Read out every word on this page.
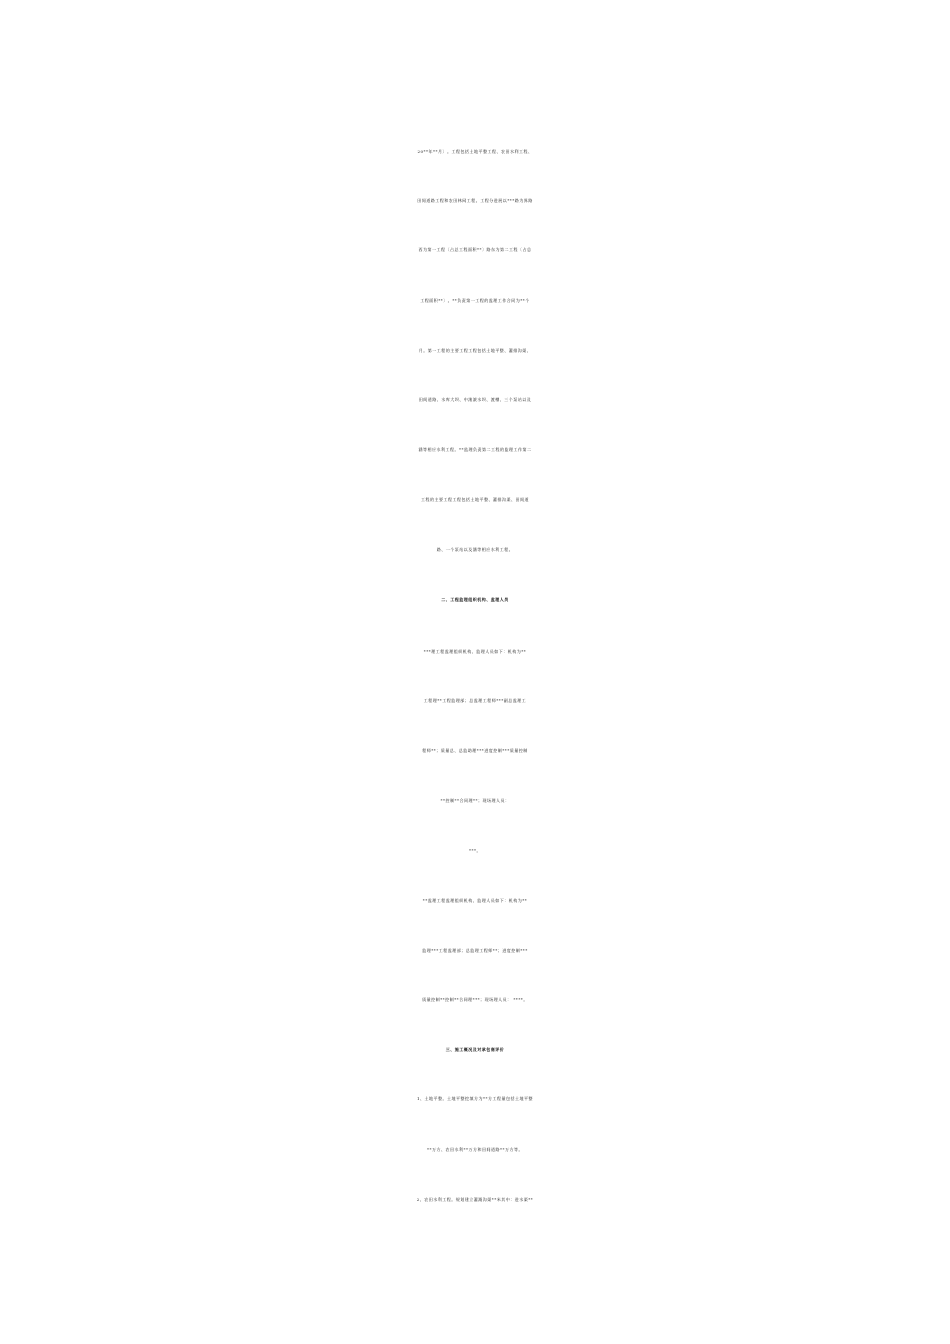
20**年**月〕。工程包括土地平整工程、农田水利工程、
田间道路工程和农田林网工程。工程分进展以***路为界路
西为第一工程〔占总工程面积**〕路东为第二工程〔占总
工程面积**〕。**负责第一工程的监理工作合同为**个
月。第一工程的主要工程工程包括土地平整、灌排沟渠、
田间道路、水库大坝、中滚滚水坝、渡槽、三个泵站以及
涵等相应水利工程。**监理负责第二工程的监理工作第二
工程的主要工程工程包括土地平整、灌排沟渠、田间道
路、一个泵站以及涵等相应水利工程。
二、工程监理组织机构、监理人员
***理工程监理组织机构、监理人员如下：机构为**
工程理**工程监理部；总监理工程师***副总监理工
程师**；质量总、总监助理***进度控制***质量控制
**控制**合同理**；现场理人员：
***。
**监理工程监理组织机构、监理人员如下：机构为**
监理***工程监理部；总监理工程师**；进度控制***
质量控制**控制**合同理***；现场理人员： ****。
三、施工概况及对承包商评价
1、土地平整。土地平整挖填方为**方工程量包括土地平整
**万方、农田水利**万方和田间道路**万方等。
2、农田水利工程。规划建立灌溉沟渠**米其中：进水渠**
